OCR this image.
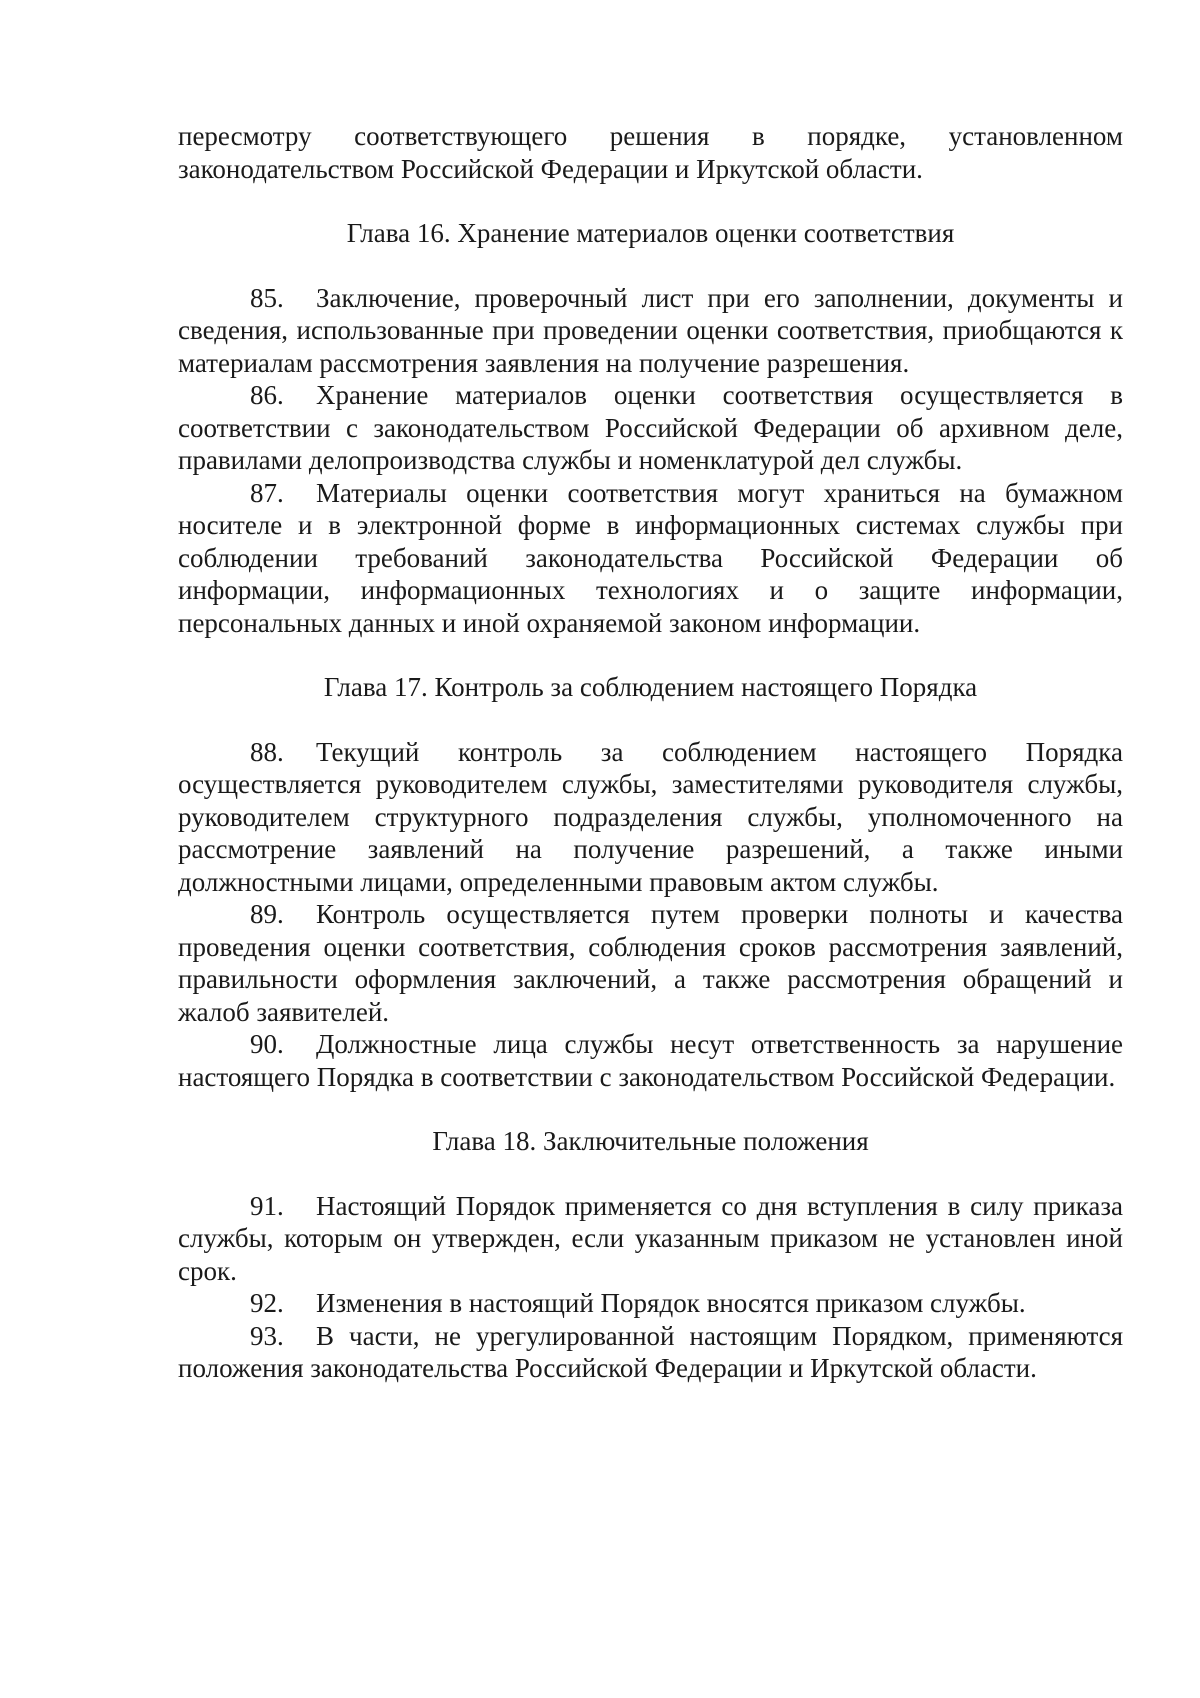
пересмотру соответствующего решения в порядке, установленном законодательством Российской Федерации и Иркутской области.

Глава 16. Хранение материалов оценки соответствия

85. Заключение, проверочный лист при его заполнении, документы и сведения, использованные при проведении оценки соответствия, приобщаются к материалам рассмотрения заявления на получение разрешения.

86. Хранение материалов оценки соответствия осуществляется в соответствии с законодательством Российской Федерации об архивном деле, правилами делопроизводства службы и номенклатурой дел службы.

87. Материалы оценки соответствия могут храниться на бумажном носителе и в электронной форме в информационных системах службы при соблюдении требований законодательства Российской Федерации об информации, информационных технологиях и о защите информации, персональных данных и иной охраняемой законом информации.

Глава 17. Контроль за соблюдением настоящего Порядка

88. Текущий контроль за соблюдением настоящего Порядка осуществляется руководителем службы, заместителями руководителя службы, руководителем структурного подразделения службы, уполномоченного на рассмотрение заявлений на получение разрешений, а также иными должностными лицами, определенными правовым актом службы.

89. Контроль осуществляется путем проверки полноты и качества проведения оценки соответствия, соблюдения сроков рассмотрения заявлений, правильности оформления заключений, а также рассмотрения обращений и жалоб заявителей.

90. Должностные лица службы несут ответственность за нарушение настоящего Порядка в соответствии с законодательством Российской Федерации.

Глава 18. Заключительные положения

91. Настоящий Порядок применяется со дня вступления в силу приказа службы, которым он утвержден, если указанным приказом не установлен иной срок.

92. Изменения в настоящий Порядок вносятся приказом службы.

93. В части, не урегулированной настоящим Порядком, применяются положения законодательства Российской Федерации и Иркутской области.
